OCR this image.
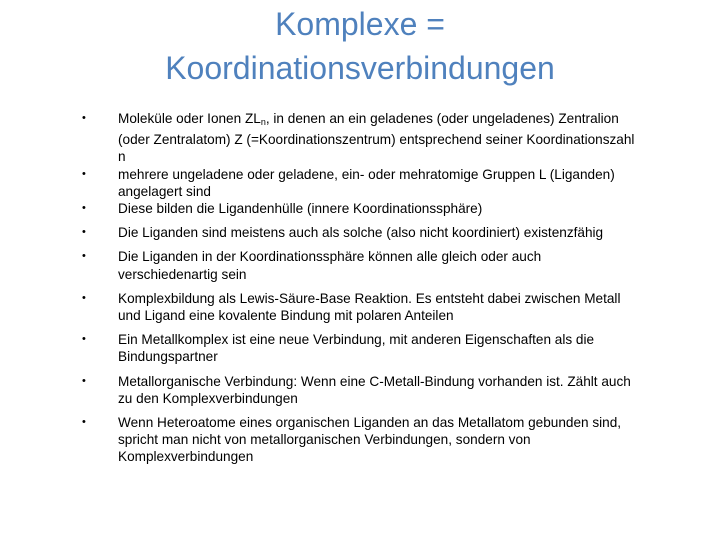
Komplexe =
Koordinationsverbindungen
•	Moleküle oder Ionen $ZL_n$, in denen an ein geladenes (oder ungeladenes) Zentralion (oder Zentralatom) Z (=Koordinationszentrum) entsprechend seiner Koordinationszahl n
•	mehrere ungeladene oder geladene, ein- oder mehratomige Gruppen L (Liganden) angelagert sind
•	Diese bilden die Ligandenhülle (innere Koordinationssphäre)
•	Die Liganden sind meistens auch als solche (also nicht koordiniert) existenzfähig
•	Die Liganden in der Koordinationssphäre können alle gleich oder auch verschiedenartig sein
•	Komplexbildung als Lewis-Säure-Base Reaktion. Es entsteht dabei zwischen Metall und Ligand eine kovalente Bindung mit polaren Anteilen
•	Ein Metallkomplex ist eine neue Verbindung, mit anderen Eigenschaften als die Bindungspartner
•	Metallorganische Verbindung: Wenn eine C-Metall-Bindung vorhanden ist. Zählt auch zu den Komplexverbindungen
•	Wenn Heteroatome eines organischen Liganden an das Metallatom gebunden sind, spricht man nicht von metallorganischen Verbindungen, sondern von Komplexverbindungen
